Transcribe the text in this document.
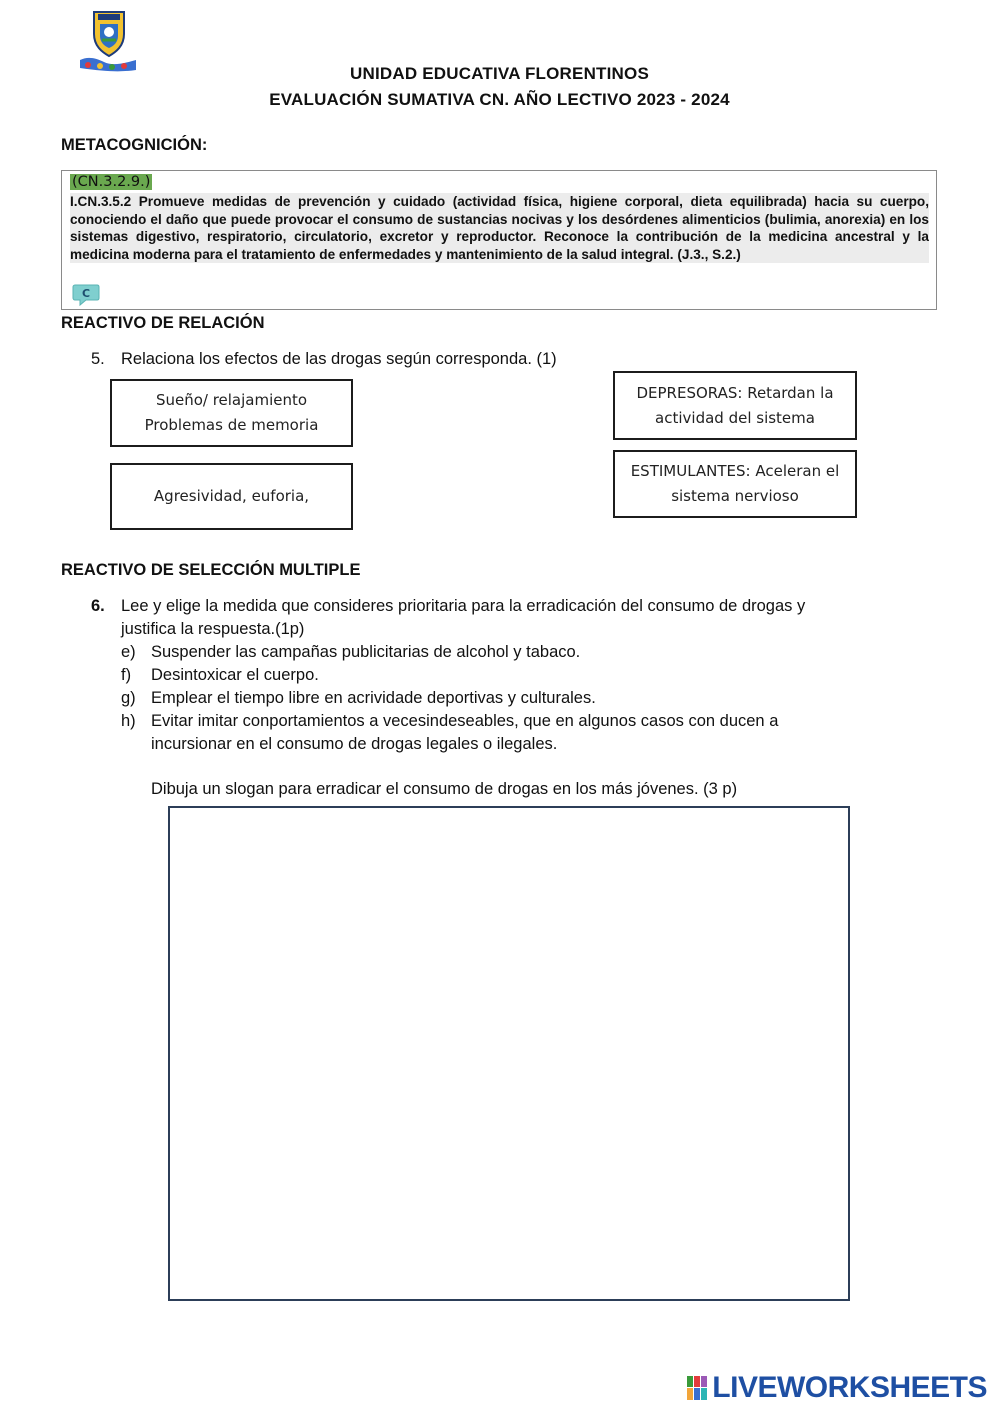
UNIDAD EDUCATIVA FLORENTINOS
EVALUACIÓN SUMATIVA CN. AÑO LECTIVO 2023 - 2024
METACOGNICIÓN:
(CN.3.2.9.)
I.CN.3.5.2 Promueve medidas de prevención y cuidado (actividad física, higiene corporal, dieta equilibrada) hacia su cuerpo, conociendo el daño que puede provocar el consumo de sustancias nocivas y los desórdenes alimenticios (bulimia, anorexia) en los sistemas digestivo, respiratorio, circulatorio, excretor y reproductor. Reconoce la contribución de la medicina ancestral y la medicina moderna para el tratamiento de enfermedades y mantenimiento de la salud integral. (J.3., S.2.)
C
REACTIVO DE RELACIÓN
5. Relaciona los efectos de las drogas según corresponda. (1)
Sueño/ relajamiento
Problemas de memoria
Agresividad, euforia,
DEPRESORAS: Retardan la
actividad del sistema
ESTIMULANTES: Aceleran el
sistema nervioso
REACTIVO DE SELECCIÓN MULTIPLE
6. Lee y elige la medida que consideres prioritaria para la erradicación del consumo de drogas y
justifica la respuesta.(1p)
e) Suspender las campañas publicitarias de alcohol y tabaco.
f) Desintoxicar el cuerpo.
g) Emplear el tiempo libre en acrividade deportivas y culturales.
h) Evitar imitar conportamientos a vecesindeseables, que en algunos casos con ducen a
incursionar en el consumo de drogas legales o ilegales.
Dibuja un slogan para erradicar el consumo de drogas en los más jóvenes. (3 p)
LIVEWORKSHEETS
